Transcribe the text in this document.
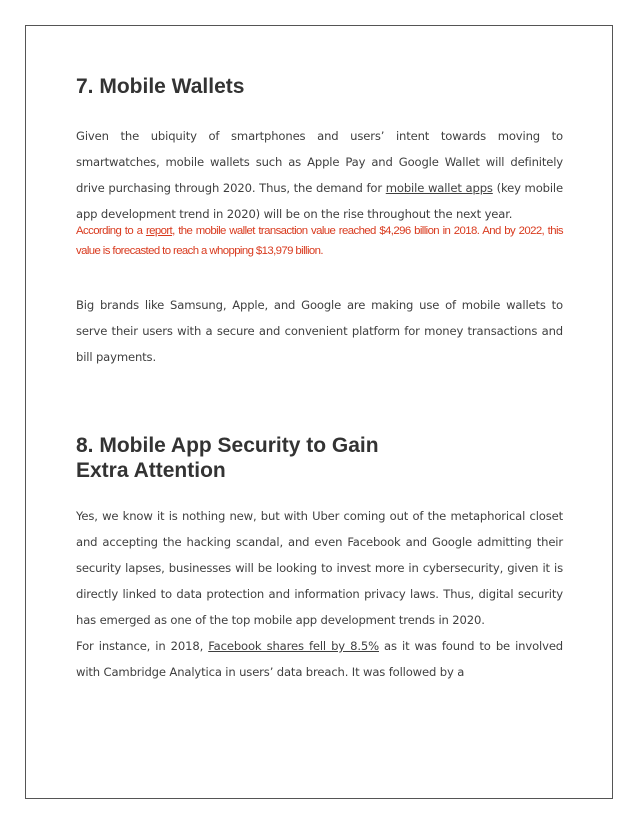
7. Mobile Wallets

Given the ubiquity of smartphones and users’ intent towards moving to smartwatches, mobile wallets such as Apple Pay and Google Wallet will definitely drive purchasing through 2020. Thus, the demand for mobile wallet apps (key mobile app development trend in 2020) will be on the rise throughout the next year.

According to a report, the mobile wallet transaction value reached $4,296 billion in 2018. And by 2022, this value is forecasted to reach a whopping $13,979 billion.

Big brands like Samsung, Apple, and Google are making use of mobile wallets to serve their users with a secure and convenient platform for money transactions and bill payments.

8. Mobile App Security to Gain
Extra Attention

Yes, we know it is nothing new, but with Uber coming out of the metaphorical closet and accepting the hacking scandal, and even Facebook and Google admitting their security lapses, businesses will be looking to invest more in cybersecurity, given it is directly linked to data protection and information privacy laws. Thus, digital security has emerged as one of the top mobile app development trends in 2020.

For instance, in 2018, Facebook shares fell by 8.5% as it was found to be involved with Cambridge Analytica in users’ data breach. It was followed by a
